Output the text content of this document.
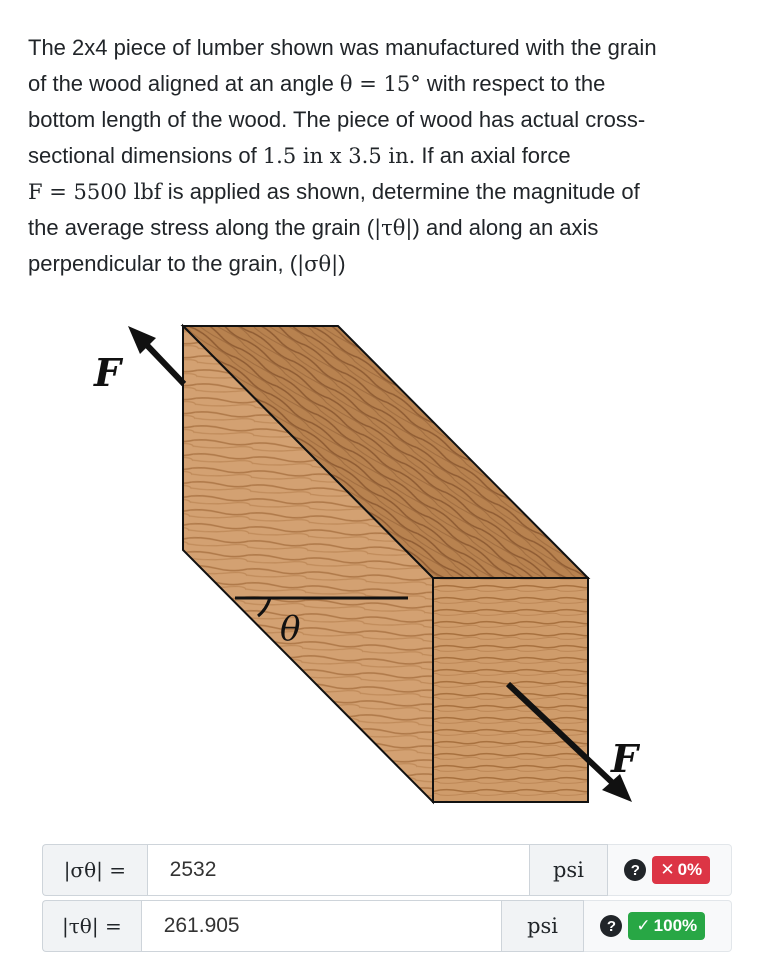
The 2x4 piece of lumber shown was manufactured with the grain

of the wood aligned at an angle θ = 15° with respect to the

bottom length of the wood. The piece of wood has actual cross-

sectional dimensions of 1.5 in x 3.5 in. If an axial force

F = 5500 lbf is applied as shown, determine the magnitude of

the average stress along the grain (|τθ|) and along an axis

perpendicular to the grain, (|σθ|)

θ
F
F
|σθ| =	2532	psi	?	✕ 0%
|τθ| =	261.905	psi	?	✓ 100%
